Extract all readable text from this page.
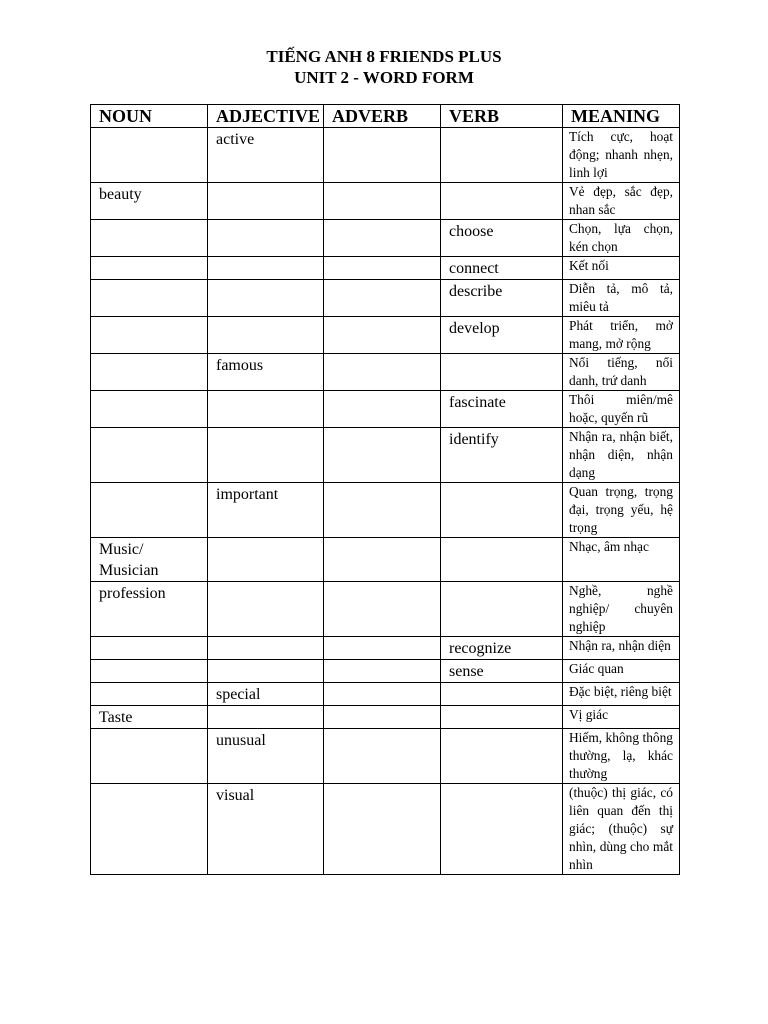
TIẾNG ANH 8 FRIENDS PLUS
UNIT 2 - WORD FORM
NOUN	ADJECTIVE	ADVERB	VERB	MEANING
	active			Tích cực, hoạt động; nhanh nhẹn, linh lợi
beauty				Vẻ đẹp, sắc đẹp, nhan sắc
			choose	Chọn, lựa chọn, kén chọn
			connect	Kết nối
			describe	Diễn tả, mô tả, miêu tả
			develop	Phát triển, mở mang, mở rộng
	famous			Nổi tiếng, nổi danh, trứ danh
			fascinate	Thôi miên/mê hoặc, quyến rũ
			identify	Nhận ra, nhận biết, nhận diện, nhận dạng
	important			Quan trọng, trọng đại, trọng yếu, hệ trọng
Music/ Musician				Nhạc, âm nhạc
profession				Nghề, nghề nghiệp/ chuyên nghiệp
			recognize	Nhận ra, nhận diện
			sense	Giác quan
	special			Đặc biệt, riêng biệt
Taste				Vị giác
	unusual			Hiếm, không thông thường, lạ, khác thường
	visual			(thuộc) thị giác, có liên quan đến thị giác; (thuộc) sự nhìn, dùng cho mắt nhìn
